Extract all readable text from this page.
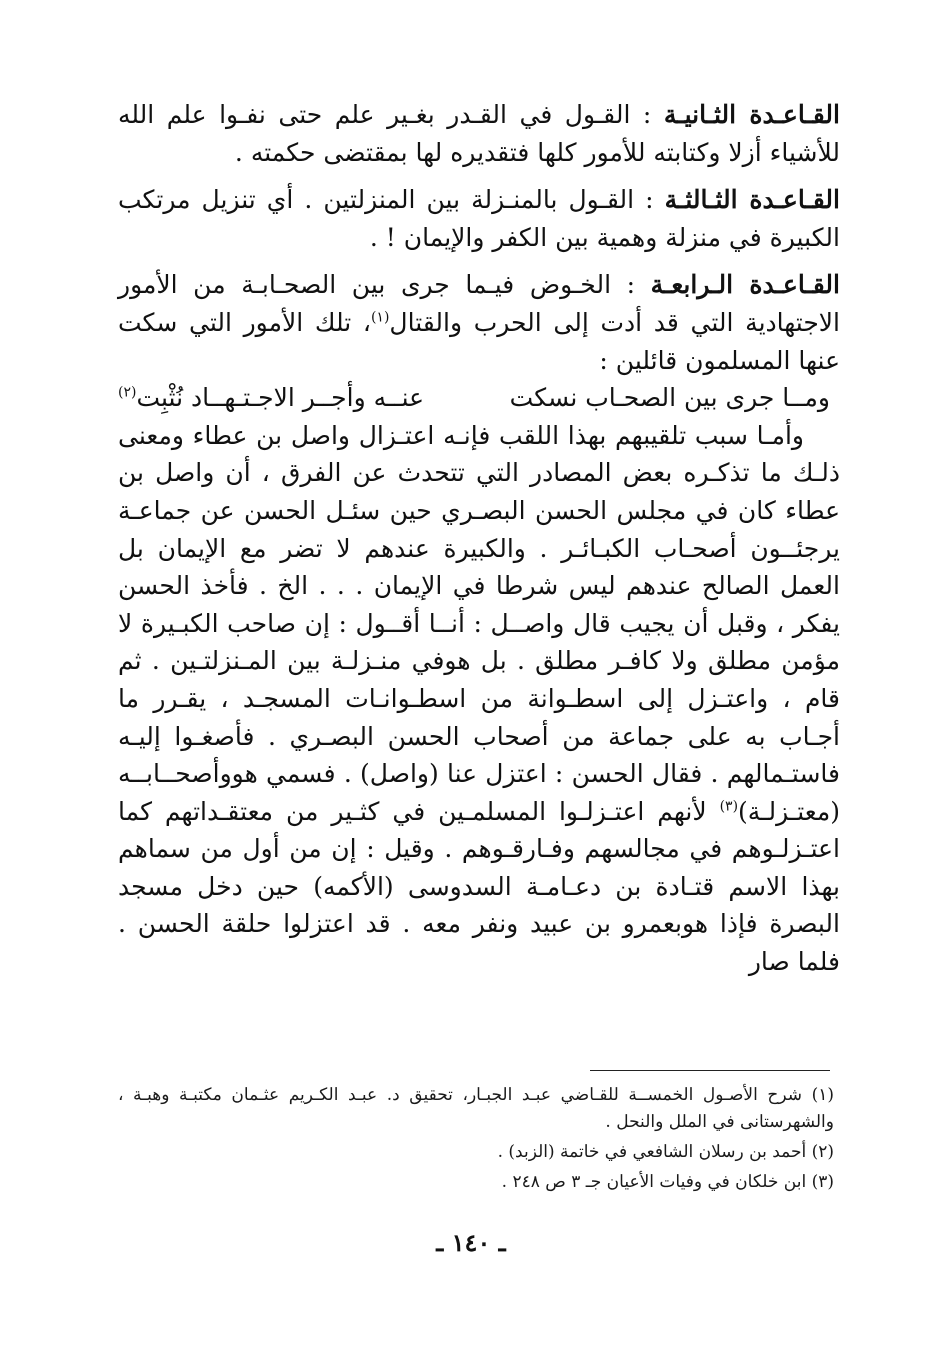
القـاعـدة الثـانيـة : القـول في القـدر بغـير علم حتى نفـوا علم الله للأشياء أزلا وكتابته للأمور كلها فتقديره لها بمقتضى حكمته .

القـاعـدة الثـالثـة : القـول بالمنـزلة بين المنزلتين . أي تنزيل مرتكب الكبيرة في منزلة وهمية بين الكفر والإيمان ! .

القـاعـدة الـرابعـة : الخـوض فيـما جرى بين الصحـابـة من الأمور الاجتهادية التي قد أدت إلى الحرب والقتال$^{(١)}$، تلك الأمور التي سكت عنها المسلمون قائلين :

ومــا جرى بين الصحـاب نسكت
عنــه وأجــر الاجـتـهــاد نُثْبِت$^{(٢)}$

وأمـا سبب تلقيبهم بهذا اللقب فإنـه اعتـزال واصل بن عطاء ومعنى ذلـك ما تذكـره بعض المصادر التي تتحدث عن الفرق ، أن واصل بن عطاء كان في مجلس الحسن البصـري حين سئـل الحسن عن جماعـة يرجئــون أصحـاب الكبـائـر . والكبيرة عندهم لا تضر مع الإيمان بل العمل الصالح عندهم ليس شرطا في الإيمان . . . الخ . فأخذ الحسن يفكر ، وقبل أن يجيب قال واصــل : أنــا أقــول : إن صاحب الكبـيرة لا مؤمن مطلق ولا كافـر مطلق . بل هوفي منـزلـة بين المـنزلتـين . ثم قام ، واعتـزل إلى اسطـوانة من اسطـوانـات المسجـد ، يقـرر ما أجـاب به على جماعة من أصحاب الحسن البصـري . فأصغـوا إليـه فاستـمالهم . فقال الحسن : اعتزل عنا (واصل) . فسمي هووأصحــابــه (معتـزلـة)$^{(٣)}$ لأنهم اعتـزلـوا المسلمـين في كثـير من معتقـداتهم كما اعتـزلـوهم في مجالسهم وفـارقـوهم . وقيل : إن من أول من سماهم بهذا الاسم قتـادة بن دعـامـة السدوسى (الأكمه) حين دخل مسجد البصرة فإذا هوبعمرو بن عبيد ونفر معه . قد اعتزلوا حلقة الحسن . فلما صار

(١) شرح الأصـول الخمســة للقـاضي عبـد الجبـار، تحقيق د. عبـد الكـريم عثـمان مكتبـة وهبـة ، والشهرستانى في الملل والنحل .

(٢) أحمد بن رسلان الشافعي في خاتمة (الزبد) .

(٣) ابن خلكان في وفيات الأعيان جـ ٣ ص ٢٤٨ .

ـ ١٤٠ ـ
